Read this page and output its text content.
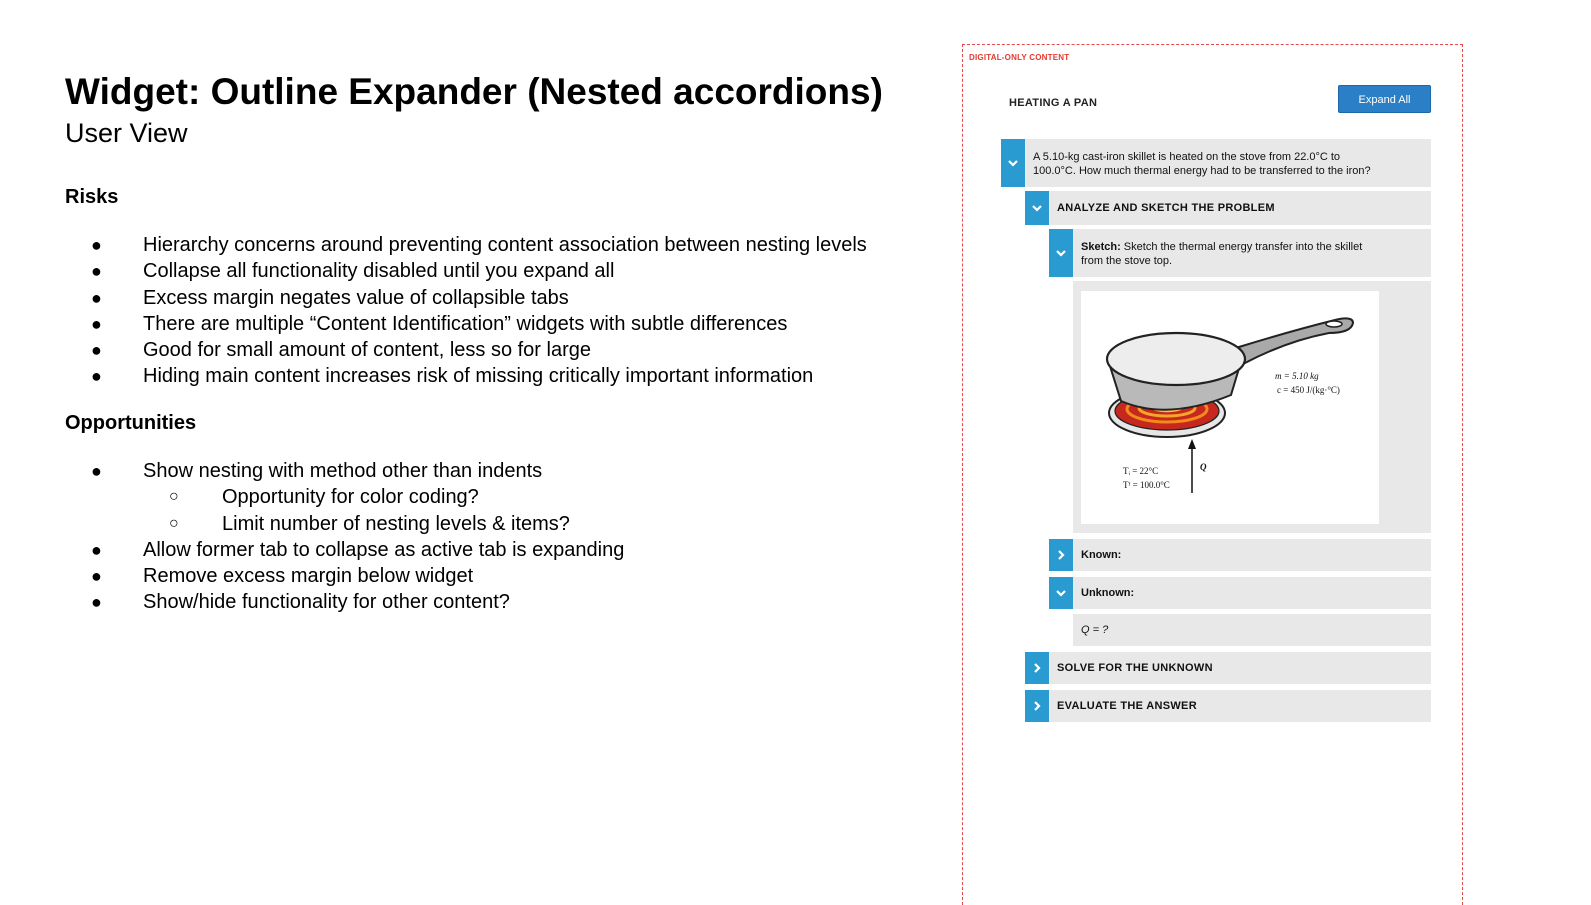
Widget: Outline Expander (Nested accordions)

User View

Risks

● Hierarchy concerns around preventing content association between nesting levels
● Collapse all functionality disabled until you expand all
● Excess margin negates value of collapsible tabs
● There are multiple “Content Identification” widgets with subtle differences
● Good for small amount of content, less so for large
● Hiding main content increases risk of missing critically important information

Opportunities

● Show nesting with method other than indents
○ Opportunity for color coding?
○ Limit number of nesting levels & items?
● Allow former tab to collapse as active tab is expanding
● Remove excess margin below widget
● Show/hide functionality for other content?
DIGITAL-ONLY CONTENT
HEATING A PAN	Expand All
A 5.10-kg cast-iron skillet is heated on the stove from 22.0°C to
100.0°C. How much thermal energy had to be transferred to the iron?
ANALYZE AND SKETCH THE PROBLEM
Sketch: Sketch the thermal energy transfer into the skillet
from the stove top.
m = 5.10 kg
c = 450 J/(kg·°C)
Q
Tᵢ = 22°C
Tᶠ = 100.0°C
Known:
Unknown:
Q = ?
SOLVE FOR THE UNKNOWN
EVALUATE THE ANSWER
